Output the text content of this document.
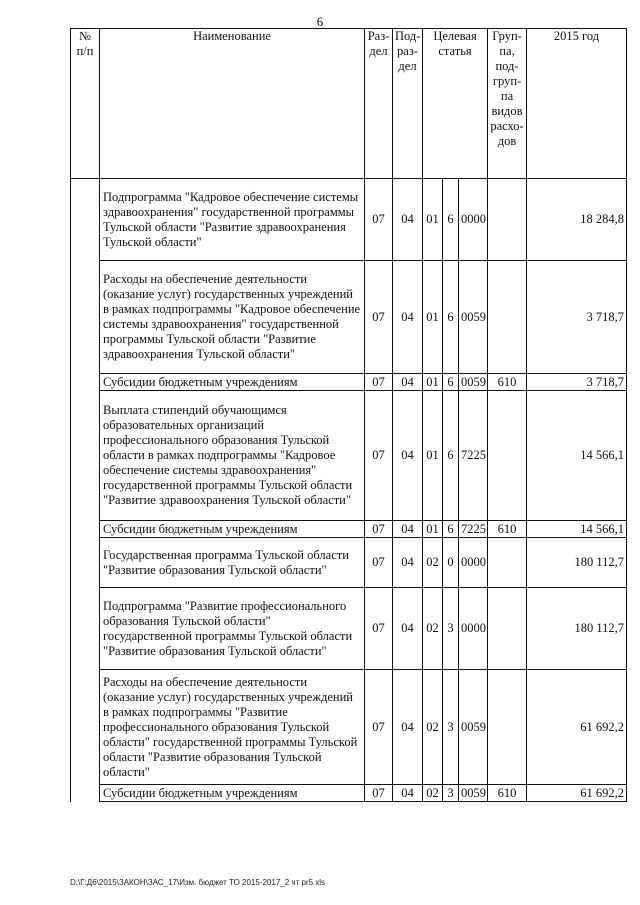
6
№ п/п	Наименование	Раз-дел	Под-раз-дел	Целевая статья			Груп-па, под-груп-па видов расхо-дов	2015 год
	Подпрограмма "Кадровое обеспечение системы здравоохранения" государственной программы Тульской области "Развитие здравоохранения Тульской области"	07	04	01	6	0000		18 284,8
	Расходы на обеспечение деятельности (оказание услуг) государственных учреждений в рамках подпрограммы "Кадровое обеспечение системы здравоохранения" государственной программы Тульской области "Развитие здравоохранения Тульской области"	07	04	01	6	0059		3 718,7
	Субсидии бюджетным учреждениям	07	04	01	6	0059	610	3 718,7
	Выплата стипендий обучающимся образовательных организаций профессионального образования Тульской области в рамках подпрограммы "Кадровое обеспечение системы здравоохранения" государственной программы Тульской области "Развитие здравоохранения Тульской области"	07	04	01	6	7225		14 566,1
	Субсидии бюджетным учреждениям	07	04	01	6	7225	610	14 566,1
	Государственная программа Тульской области "Развитие образования Тульской области"	07	04	02	0	0000		180 112,7
	Подпрограмма "Развитие профессионального образования Тульской области" государственной программы Тульской области "Развитие образования Тульской области"	07	04	02	3	0000		180 112,7
	Расходы на обеспечение деятельности (оказание услуг) государственных учреждений в рамках подпрограммы "Развитие профессионального образования Тульской области" государственной программы Тульской области "Развитие образования Тульской области"	07	04	02	3	0059		61 692,2
	Субсидии бюджетным учреждениям	07	04	02	3	0059	610	61 692,2
D:\Г:Д6\2015\ЗАКОН\ЗАС_17\Изм. бюджет ТО 2015-2017_2 чт pr5.xls
